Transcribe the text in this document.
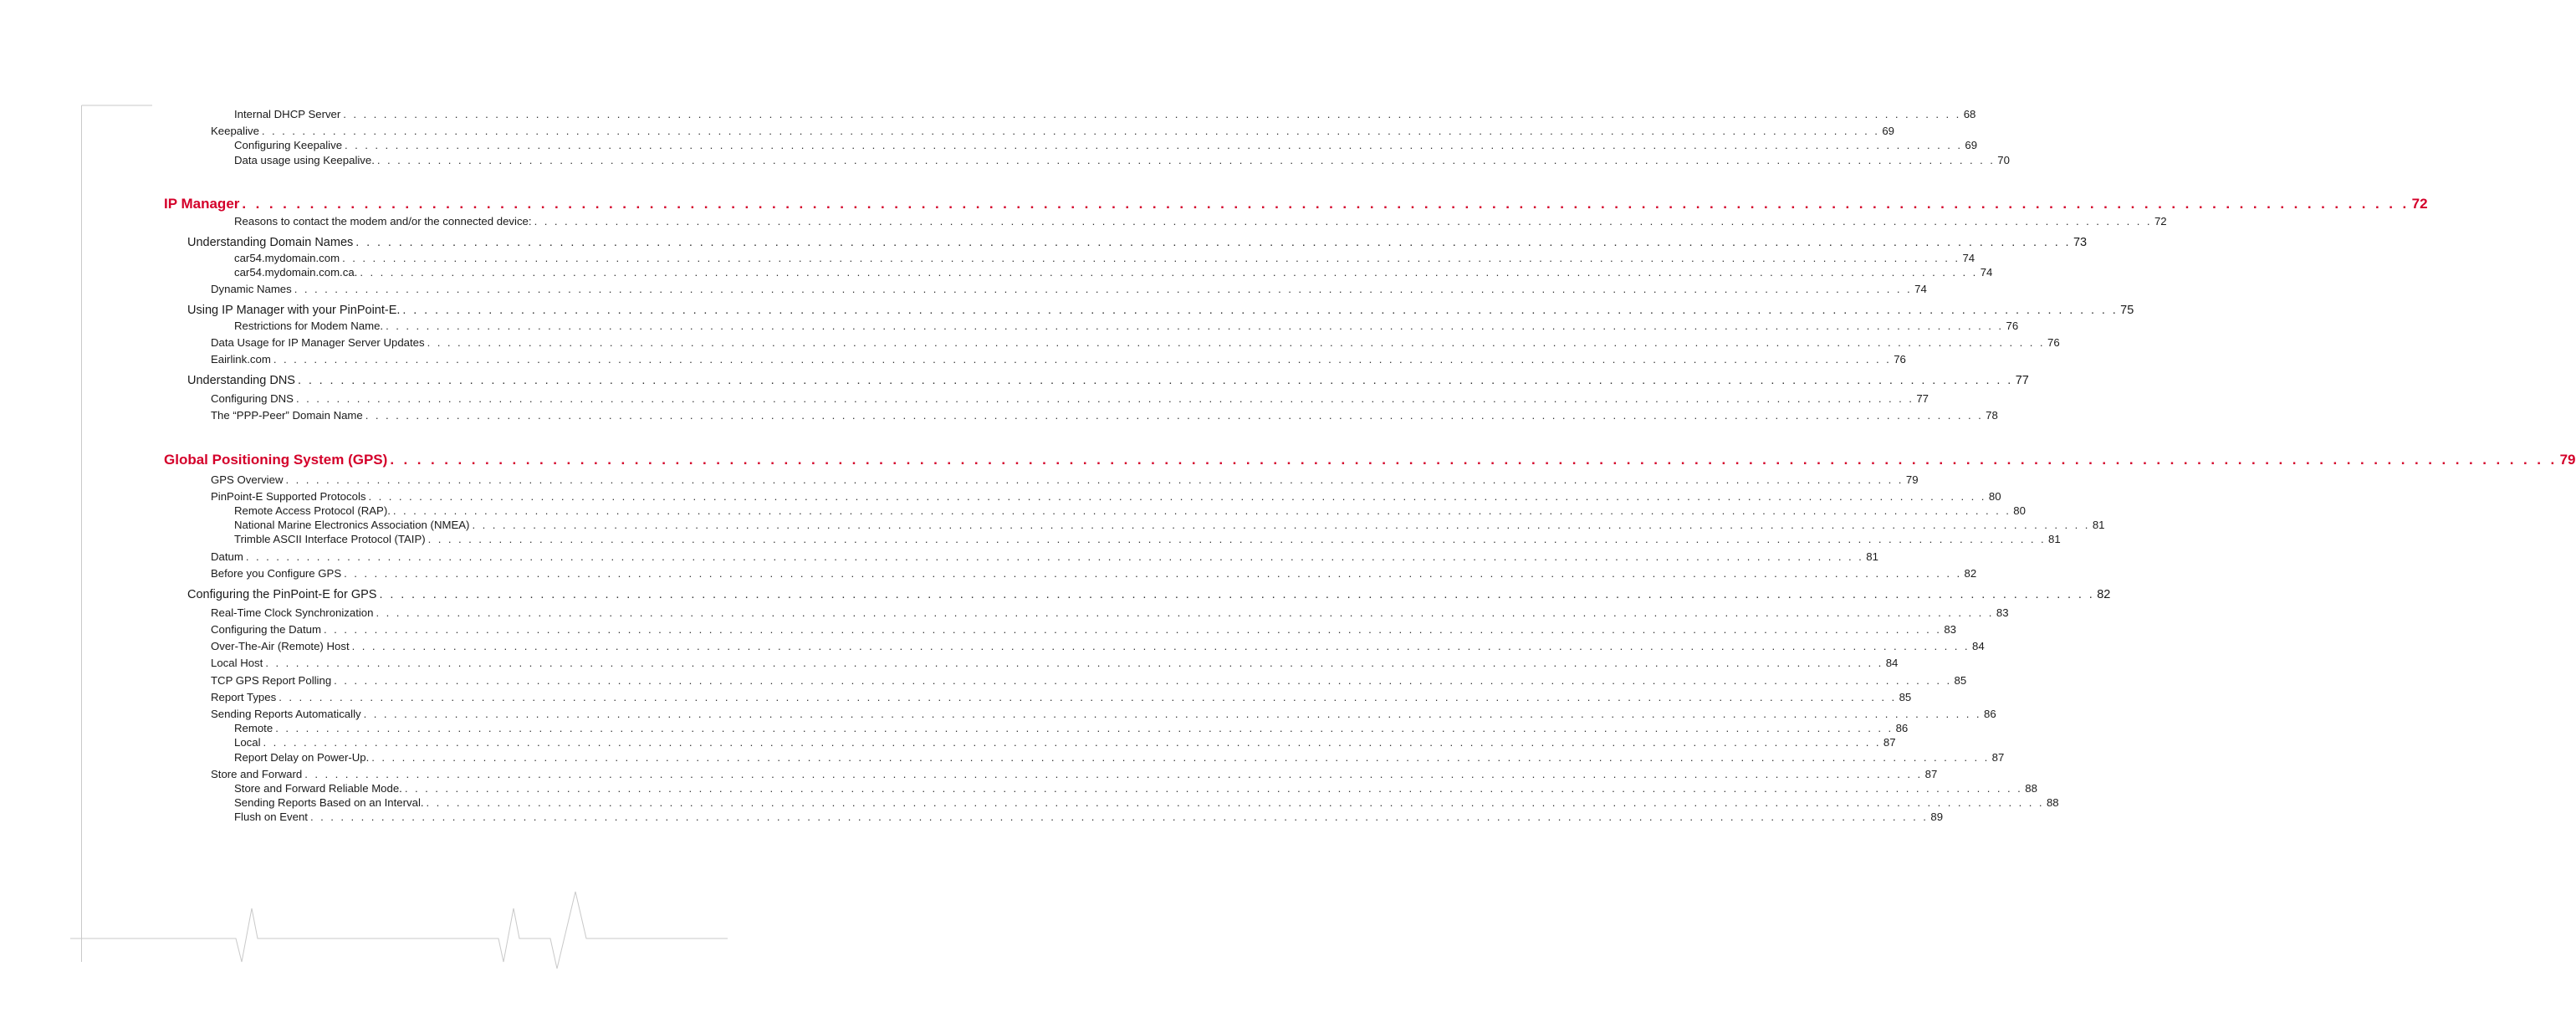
Internal DHCP Server . . . . . . . . . . . . . . . . . . . . . . . . . . . . . . . . . . . . . . . . . . . . . . . . . . . . . . . . . . . . . . . . . . . . . . . . . . . . . . . . . . . . . . . . . . . . . . . . . . . . . . . . . . . . . . . . . . . . . . . . . . . . . . . . . . . . . . . . . . . . . . . . . . . . . . . . . . . . . . . . 68
Keepalive . . . . . . . . . . . . . . . . . . . . . . . . . . . . . . . . . . . . . . . . . . . . . . . . . . . . . . . . . . . . . . . . . . . . . . . . . . . . . . . . . . . . . . . . . . . . . . . . . . . . . . . . . . . . . . . . . . . . . . . . . . . . . . . . . . . . . . . . . . . . . . . . . . . . . . . . . . . . . . . . 69
Configuring Keepalive . . . . . . . . . . . . . . . . . . . . . . . . . . . . . . . . . . . . . . . . . . . . . . . . . . . . . . . . . . . . . . . . . . . . . . . . . . . . . . . . . . . . . . . . . . . . . . . . . . . . . . . . . . . . . . . . . . . . . . . . . . . . . . . . . . . . . . . . . . . . . . . . . . . . . . . . . . . . . . . . 69
Data usage using Keepalive. . . . . . . . . . . . . . . . . . . . . . . . . . . . . . . . . . . . . . . . . . . . . . . . . . . . . . . . . . . . . . . . . . . . . . . . . . . . . . . . . . . . . . . . . . . . . . . . . . . . . . . . . . . . . . . . . . . . . . . . . . . . . . . . . . . . . . . . . . . . . . . . . . . . . . . . . . . . . . . . . 70
IP Manager . . . . . . . . . . . . . . . . . . . . . . . . . . . . . . . . . . . . . . . . . . . . . . . . . . . . . . . . . . . . . . . . . . . . . . . . . . . . . . . . . . . . . . . . . . . . . . . . . . . . . . . . . . . . . . . . . . . . . . . . . . . . . . . . . . . . . . . . . . . . . . . . . . . . . . . . . . . . . . . . 72
Reasons to contact the modem and/or the connected device: . . . . . . . . . . . . . . . . . . . . . . . . . . . . . . . . . . . . . . . . . . . . . . . . . . . . . . . . . . . . . . . . . . . . . . . . . . . . . . . . . . . . . . . . . . . . . . . . . . . . . . . . . . . . . . . . . . . . . . . . . . . . . . . . . . . . . . . . . . . . . . . . . . . . . . . . . . . . . . . . 72
Understanding Domain Names . . . . . . . . . . . . . . . . . . . . . . . . . . . . . . . . . . . . . . . . . . . . . . . . . . . . . . . . . . . . . . . . . . . . . . . . . . . . . . . . . . . . . . . . . . . . . . . . . . . . . . . . . . . . . . . . . . . . . . . . . . . . . . . . . . . . . . . . . . . . . . . . . . . . . . . . . . . . . . . . 73
car54.mydomain.com . . . . . . . . . . . . . . . . . . . . . . . . . . . . . . . . . . . . . . . . . . . . . . . . . . . . . . . . . . . . . . . . . . . . . . . . . . . . . . . . . . . . . . . . . . . . . . . . . . . . . . . . . . . . . . . . . . . . . . . . . . . . . . . . . . . . . . . . . . . . . . . . . . . . . . . . . . . . . . . . 74
car54.mydomain.com.ca. . . . . . . . . . . . . . . . . . . . . . . . . . . . . . . . . . . . . . . . . . . . . . . . . . . . . . . . . . . . . . . . . . . . . . . . . . . . . . . . . . . . . . . . . . . . . . . . . . . . . . . . . . . . . . . . . . . . . . . . . . . . . . . . . . . . . . . . . . . . . . . . . . . . . . . . . . . . . . . . . 74
Dynamic Names . . . . . . . . . . . . . . . . . . . . . . . . . . . . . . . . . . . . . . . . . . . . . . . . . . . . . . . . . . . . . . . . . . . . . . . . . . . . . . . . . . . . . . . . . . . . . . . . . . . . . . . . . . . . . . . . . . . . . . . . . . . . . . . . . . . . . . . . . . . . . . . . . . . . . . . . . . . . . . . . 74
Using IP Manager with your PinPoint-E. . . . . . . . . . . . . . . . . . . . . . . . . . . . . . . . . . . . . . . . . . . . . . . . . . . . . . . . . . . . . . . . . . . . . . . . . . . . . . . . . . . . . . . . . . . . . . . . . . . . . . . . . . . . . . . . . . . . . . . . . . . . . . . . . . . . . . . . . . . . . . . . . . . . . . . . . . . . . . . . . 75
Restrictions for Modem Name. . . . . . . . . . . . . . . . . . . . . . . . . . . . . . . . . . . . . . . . . . . . . . . . . . . . . . . . . . . . . . . . . . . . . . . . . . . . . . . . . . . . . . . . . . . . . . . . . . . . . . . . . . . . . . . . . . . . . . . . . . . . . . . . . . . . . . . . . . . . . . . . . . . . . . . . . . . . . . . . . 76
Data Usage for IP Manager Server Updates . . . . . . . . . . . . . . . . . . . . . . . . . . . . . . . . . . . . . . . . . . . . . . . . . . . . . . . . . . . . . . . . . . . . . . . . . . . . . . . . . . . . . . . . . . . . . . . . . . . . . . . . . . . . . . . . . . . . . . . . . . . . . . . . . . . . . . . . . . . . . . . . . . . . . . . . . . . . . . . . 76
Eairlink.com . . . . . . . . . . . . . . . . . . . . . . . . . . . . . . . . . . . . . . . . . . . . . . . . . . . . . . . . . . . . . . . . . . . . . . . . . . . . . . . . . . . . . . . . . . . . . . . . . . . . . . . . . . . . . . . . . . . . . . . . . . . . . . . . . . . . . . . . . . . . . . . . . . . . . . . . . . . . . . . . 76
Understanding DNS . . . . . . . . . . . . . . . . . . . . . . . . . . . . . . . . . . . . . . . . . . . . . . . . . . . . . . . . . . . . . . . . . . . . . . . . . . . . . . . . . . . . . . . . . . . . . . . . . . . . . . . . . . . . . . . . . . . . . . . . . . . . . . . . . . . . . . . . . . . . . . . . . . . . . . . . . . . . . . . . 77
Configuring DNS . . . . . . . . . . . . . . . . . . . . . . . . . . . . . . . . . . . . . . . . . . . . . . . . . . . . . . . . . . . . . . . . . . . . . . . . . . . . . . . . . . . . . . . . . . . . . . . . . . . . . . . . . . . . . . . . . . . . . . . . . . . . . . . . . . . . . . . . . . . . . . . . . . . . . . . . . . . . . . . . 77
The “PPP-Peer” Domain Name . . . . . . . . . . . . . . . . . . . . . . . . . . . . . . . . . . . . . . . . . . . . . . . . . . . . . . . . . . . . . . . . . . . . . . . . . . . . . . . . . . . . . . . . . . . . . . . . . . . . . . . . . . . . . . . . . . . . . . . . . . . . . . . . . . . . . . . . . . . . . . . . . . . . . . . . . . . . . . . . 78
Global Positioning System (GPS) . . . . . . . . . . . . . . . . . . . . . . . . . . . . . . . . . . . . . . . . . . . . . . . . . . . . . . . . . . . . . . . . . . . . . . . . . . . . . . . . . . . . . . . . . . . . . . . . . . . . . . . . . . . . . . . . . . . . . . . . . . . . . . . . . . . . . . . . . . . . . . . . . . . . . . . . . . . . . . . . 79
GPS Overview . . . . . . . . . . . . . . . . . . . . . . . . . . . . . . . . . . . . . . . . . . . . . . . . . . . . . . . . . . . . . . . . . . . . . . . . . . . . . . . . . . . . . . . . . . . . . . . . . . . . . . . . . . . . . . . . . . . . . . . . . . . . . . . . . . . . . . . . . . . . . . . . . . . . . . . . . . . . . . . . 79
PinPoint-E Supported Protocols . . . . . . . . . . . . . . . . . . . . . . . . . . . . . . . . . . . . . . . . . . . . . . . . . . . . . . . . . . . . . . . . . . . . . . . . . . . . . . . . . . . . . . . . . . . . . . . . . . . . . . . . . . . . . . . . . . . . . . . . . . . . . . . . . . . . . . . . . . . . . . . . . . . . . . . . . . . . . . . . 80
Remote Access Protocol (RAP). . . . . . . . . . . . . . . . . . . . . . . . . . . . . . . . . . . . . . . . . . . . . . . . . . . . . . . . . . . . . . . . . . . . . . . . . . . . . . . . . . . . . . . . . . . . . . . . . . . . . . . . . . . . . . . . . . . . . . . . . . . . . . . . . . . . . . . . . . . . . . . . . . . . . . . . . . . . . . . . . 80
National Marine Electronics Association (NMEA) . . . . . . . . . . . . . . . . . . . . . . . . . . . . . . . . . . . . . . . . . . . . . . . . . . . . . . . . . . . . . . . . . . . . . . . . . . . . . . . . . . . . . . . . . . . . . . . . . . . . . . . . . . . . . . . . . . . . . . . . . . . . . . . . . . . . . . . . . . . . . . . . . . . . . . . . . . . . . . . . 81
Trimble ASCII Interface Protocol (TAIP) . . . . . . . . . . . . . . . . . . . . . . . . . . . . . . . . . . . . . . . . . . . . . . . . . . . . . . . . . . . . . . . . . . . . . . . . . . . . . . . . . . . . . . . . . . . . . . . . . . . . . . . . . . . . . . . . . . . . . . . . . . . . . . . . . . . . . . . . . . . . . . . . . . . . . . . . . . . . . . . . 81
Datum . . . . . . . . . . . . . . . . . . . . . . . . . . . . . . . . . . . . . . . . . . . . . . . . . . . . . . . . . . . . . . . . . . . . . . . . . . . . . . . . . . . . . . . . . . . . . . . . . . . . . . . . . . . . . . . . . . . . . . . . . . . . . . . . . . . . . . . . . . . . . . . . . . . . . . . . . . . . . . . . 81
Before you Configure GPS . . . . . . . . . . . . . . . . . . . . . . . . . . . . . . . . . . . . . . . . . . . . . . . . . . . . . . . . . . . . . . . . . . . . . . . . . . . . . . . . . . . . . . . . . . . . . . . . . . . . . . . . . . . . . . . . . . . . . . . . . . . . . . . . . . . . . . . . . . . . . . . . . . . . . . . . . . . . . . . . 82
Configuring the PinPoint-E for GPS . . . . . . . . . . . . . . . . . . . . . . . . . . . . . . . . . . . . . . . . . . . . . . . . . . . . . . . . . . . . . . . . . . . . . . . . . . . . . . . . . . . . . . . . . . . . . . . . . . . . . . . . . . . . . . . . . . . . . . . . . . . . . . . . . . . . . . . . . . . . . . . . . . . . . . . . . . . . . . . . 82
Real-Time Clock Synchronization . . . . . . . . . . . . . . . . . . . . . . . . . . . . . . . . . . . . . . . . . . . . . . . . . . . . . . . . . . . . . . . . . . . . . . . . . . . . . . . . . . . . . . . . . . . . . . . . . . . . . . . . . . . . . . . . . . . . . . . . . . . . . . . . . . . . . . . . . . . . . . . . . . . . . . . . . . . . . . . . 83
Configuring the Datum . . . . . . . . . . . . . . . . . . . . . . . . . . . . . . . . . . . . . . . . . . . . . . . . . . . . . . . . . . . . . . . . . . . . . . . . . . . . . . . . . . . . . . . . . . . . . . . . . . . . . . . . . . . . . . . . . . . . . . . . . . . . . . . . . . . . . . . . . . . . . . . . . . . . . . . . . . . . . . . . 83
Over-The-Air (Remote) Host . . . . . . . . . . . . . . . . . . . . . . . . . . . . . . . . . . . . . . . . . . . . . . . . . . . . . . . . . . . . . . . . . . . . . . . . . . . . . . . . . . . . . . . . . . . . . . . . . . . . . . . . . . . . . . . . . . . . . . . . . . . . . . . . . . . . . . . . . . . . . . . . . . . . . . . . . . . . . . . . 84
Local Host . . . . . . . . . . . . . . . . . . . . . . . . . . . . . . . . . . . . . . . . . . . . . . . . . . . . . . . . . . . . . . . . . . . . . . . . . . . . . . . . . . . . . . . . . . . . . . . . . . . . . . . . . . . . . . . . . . . . . . . . . . . . . . . . . . . . . . . . . . . . . . . . . . . . . . . . . . . . . . . . 84
TCP GPS Report Polling . . . . . . . . . . . . . . . . . . . . . . . . . . . . . . . . . . . . . . . . . . . . . . . . . . . . . . . . . . . . . . . . . . . . . . . . . . . . . . . . . . . . . . . . . . . . . . . . . . . . . . . . . . . . . . . . . . . . . . . . . . . . . . . . . . . . . . . . . . . . . . . . . . . . . . . . . . . . . . . . 85
Report Types . . . . . . . . . . . . . . . . . . . . . . . . . . . . . . . . . . . . . . . . . . . . . . . . . . . . . . . . . . . . . . . . . . . . . . . . . . . . . . . . . . . . . . . . . . . . . . . . . . . . . . . . . . . . . . . . . . . . . . . . . . . . . . . . . . . . . . . . . . . . . . . . . . . . . . . . . . . . . . . . 85
Sending Reports Automatically . . . . . . . . . . . . . . . . . . . . . . . . . . . . . . . . . . . . . . . . . . . . . . . . . . . . . . . . . . . . . . . . . . . . . . . . . . . . . . . . . . . . . . . . . . . . . . . . . . . . . . . . . . . . . . . . . . . . . . . . . . . . . . . . . . . . . . . . . . . . . . . . . . . . . . . . . . . . . . . . 86
Remote . . . . . . . . . . . . . . . . . . . . . . . . . . . . . . . . . . . . . . . . . . . . . . . . . . . . . . . . . . . . . . . . . . . . . . . . . . . . . . . . . . . . . . . . . . . . . . . . . . . . . . . . . . . . . . . . . . . . . . . . . . . . . . . . . . . . . . . . . . . . . . . . . . . . . . . . . . . . . . . . 86
Local . . . . . . . . . . . . . . . . . . . . . . . . . . . . . . . . . . . . . . . . . . . . . . . . . . . . . . . . . . . . . . . . . . . . . . . . . . . . . . . . . . . . . . . . . . . . . . . . . . . . . . . . . . . . . . . . . . . . . . . . . . . . . . . . . . . . . . . . . . . . . . . . . . . . . . . . . . . . . . . . 87
Report Delay on Power-Up. . . . . . . . . . . . . . . . . . . . . . . . . . . . . . . . . . . . . . . . . . . . . . . . . . . . . . . . . . . . . . . . . . . . . . . . . . . . . . . . . . . . . . . . . . . . . . . . . . . . . . . . . . . . . . . . . . . . . . . . . . . . . . . . . . . . . . . . . . . . . . . . . . . . . . . . . . . . . . . . . 87
Store and Forward . . . . . . . . . . . . . . . . . . . . . . . . . . . . . . . . . . . . . . . . . . . . . . . . . . . . . . . . . . . . . . . . . . . . . . . . . . . . . . . . . . . . . . . . . . . . . . . . . . . . . . . . . . . . . . . . . . . . . . . . . . . . . . . . . . . . . . . . . . . . . . . . . . . . . . . . . . . . . . . . 87
Store and Forward Reliable Mode. . . . . . . . . . . . . . . . . . . . . . . . . . . . . . . . . . . . . . . . . . . . . . . . . . . . . . . . . . . . . . . . . . . . . . . . . . . . . . . . . . . . . . . . . . . . . . . . . . . . . . . . . . . . . . . . . . . . . . . . . . . . . . . . . . . . . . . . . . . . . . . . . . . . . . . . . . . . . . . . . 88
Sending Reports Based on an Interval. . . . . . . . . . . . . . . . . . . . . . . . . . . . . . . . . . . . . . . . . . . . . . . . . . . . . . . . . . . . . . . . . . . . . . . . . . . . . . . . . . . . . . . . . . . . . . . . . . . . . . . . . . . . . . . . . . . . . . . . . . . . . . . . . . . . . . . . . . . . . . . . . . . . . . . . . . . . . . . . . 88
Flush on Event . . . . . . . . . . . . . . . . . . . . . . . . . . . . . . . . . . . . . . . . . . . . . . . . . . . . . . . . . . . . . . . . . . . . . . . . . . . . . . . . . . . . . . . . . . . . . . . . . . . . . . . . . . . . . . . . . . . . . . . . . . . . . . . . . . . . . . . . . . . . . . . . . . . . . . . . . . . . . . . . 89
